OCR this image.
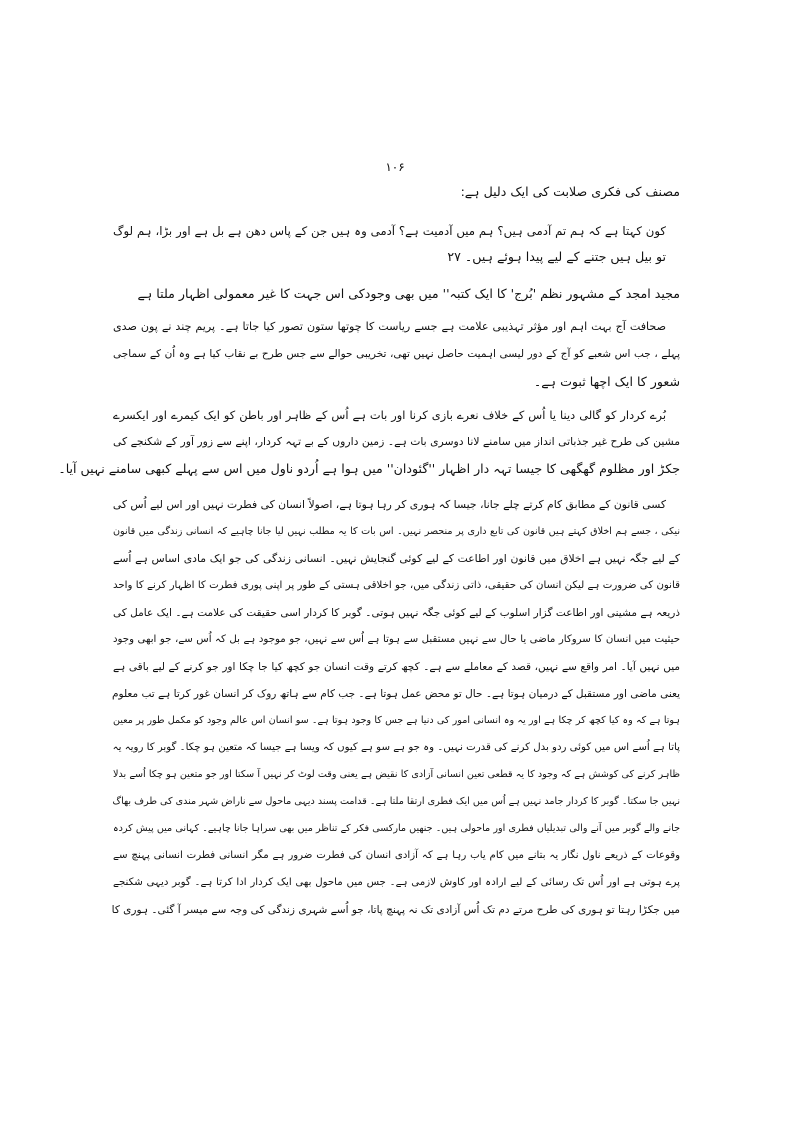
۱۰۶
مصنف کی فکری صلابت کی ایک دلیل ہے:
کون کہتا ہے کہ ہم تم آدمی ہیں؟ ہم میں آدمیت ہے؟ آدمی وہ ہیں جن کے پاس دھن ہے بل ہے اور بڑا، ہم لوگ
تو بیل ہیں جتنے کے لیے پیدا ہوئے ہیں۔ ۲۷
مجید امجد کے مشہور نظم 'بُرج' کا ایک کتبہ'' میں بھی وجودکی اس جہت کا غیر معمولی اظہار ملتا ہے
صحافت آج بہت اہم اور مؤثر تہذیبی علامت ہے جسے ریاست کا چوتھا ستون تصور کیا جاتا ہے۔ پریم چند نے پون صدی
پہلے ، جب اس شعبے کو آج کے دور لیسی اہمیت حاصل نہیں تھی، تخریبی حوالے سے جس طرح بے نقاب کیا ہے وہ اُن کے سماجی
شعور کا ایک اچھا ثبوت ہے۔
بُرے کردار کو گالی دینا یا اُس کے خلاف نعرے بازی کرنا اور بات ہے اُس کے ظاہر اور باطن کو ایک کیمرے اور ایکسرے
مشین کی طرح غیر جذباتی انداز میں سامنے لانا دوسری بات ہے۔ زمین داروں کے بے تہہ کردار، اپنے سے زور آور کے شکنجے کی
جکڑ اور مظلوم گھگھی کا جیسا تہہ دار اظہار ''گئودان'' میں ہوا ہے اُردو ناول میں اس سے پہلے کبھی سامنے نہیں آیا۔
کسی قانون کے مطابق کام کرتے چلے جانا، جیسا کہ ہوری کر رہا ہوتا ہے، اصولاً انسان کی فطرت نہیں اور اس لیے اُس کی
نیکی ، جسے ہم اخلاق کہتے ہیں قانون کی تابع داری پر منحصر نہیں۔ اس بات کا یہ مطلب نہیں لیا جانا چاہیے کہ انسانی زندگی میں قانون
کے لیے جگہ نہیں ہے اخلاق میں قانون اور اطاعت کے لیے کوئی گنجایش نہیں۔ انسانی زندگی کی جو ایک مادی اساس ہے اُسے
قانون کی ضرورت ہے لیکن انسان کی حقیقی، ذاتی زندگی میں، جو اخلاقی ہستی کے طور پر اپنی پوری فطرت کا اظہار کرنے کا واحد
ذریعہ ہے مشینی اور اطاعت گزار اسلوب کے لیے کوئی جگہ نہیں ہوتی۔ گوبر کا کردار اسی حقیقت کی علامت ہے۔ ایک عامل کی
حیثیت میں انسان کا سروکار ماضی یا حال سے نہیں مستقبل سے ہوتا ہے اُس سے نہیں، جو موجود ہے بل کہ اُس سے، جو ابھی وجود
میں نہیں آیا۔ امر واقع سے نہیں، قصد کے معاملے سے ہے۔ کچھ کرتے وقت انسان جو کچھ کیا جا چکا اور جو کرنے کے لیے باقی ہے
یعنی ماضی اور مستقبل کے درمیان ہوتا ہے۔ حال تو محض عمل ہوتا ہے۔ جب کام سے ہاتھ روک کر انسان غور کرتا ہے تب معلوم
ہوتا ہے کہ وہ کیا کچھ کر چکا ہے اور یہ وہ انسانی امور کی دنیا ہے جس کا وجود ہوتا ہے۔ سو انسان اس عالم وجود کو مکمل طور پر معین
پاتا ہے اُسے اس میں کوئی ردو بدل کرنے کی قدرت نہیں۔ وہ جو ہے سو ہے کیوں کہ ویسا ہے جیسا کہ متعین ہو چکا۔ گوبر کا رویہ یہ
ظاہر کرنے کی کوشش ہے کہ وجود کا یہ قطعی تعین انسانی آزادی کا نقیض ہے یعنی وقت لوٹ کر نہیں آ سکتا اور جو متعین ہو چکا اُسے بدلا
نہیں جا سکتا۔ گوبر کا کردار جامد نہیں ہے اُس میں ایک فطری ارتقا ملتا ہے۔ قدامت پسند دیہی ماحول سے ناراض شہر مندی کی طرف بھاگ
جانے والے گوبر میں آنے والی تبدیلیاں فطری اور ماحولی ہیں۔ جنھیں مارکسی فکر کے تناظر میں بھی سراہا جانا چاہیے۔ کہانی میں پیش کردہ
وقوعات کے ذریعے ناول نگار یہ بتانے میں کام یاب رہا ہے کہ آزادی انسان کی فطرت ضرور ہے مگر انسانی فطرت انسانی پہنچ سے
پرے ہوتی ہے اور اُس تک رسائی کے لیے ارادہ اور کاوش لازمی ہے۔ جس میں ماحول بھی ایک کردار ادا کرتا ہے۔ گوبر دیہی شکنجے
میں جکڑا رہتا تو ہوری کی طرح مرتے دم تک اُس آزادی تک نہ پہنچ پاتا، جو اُسے شہری زندگی کی وجہ سے میسر آ گئی۔ ہوری کا
